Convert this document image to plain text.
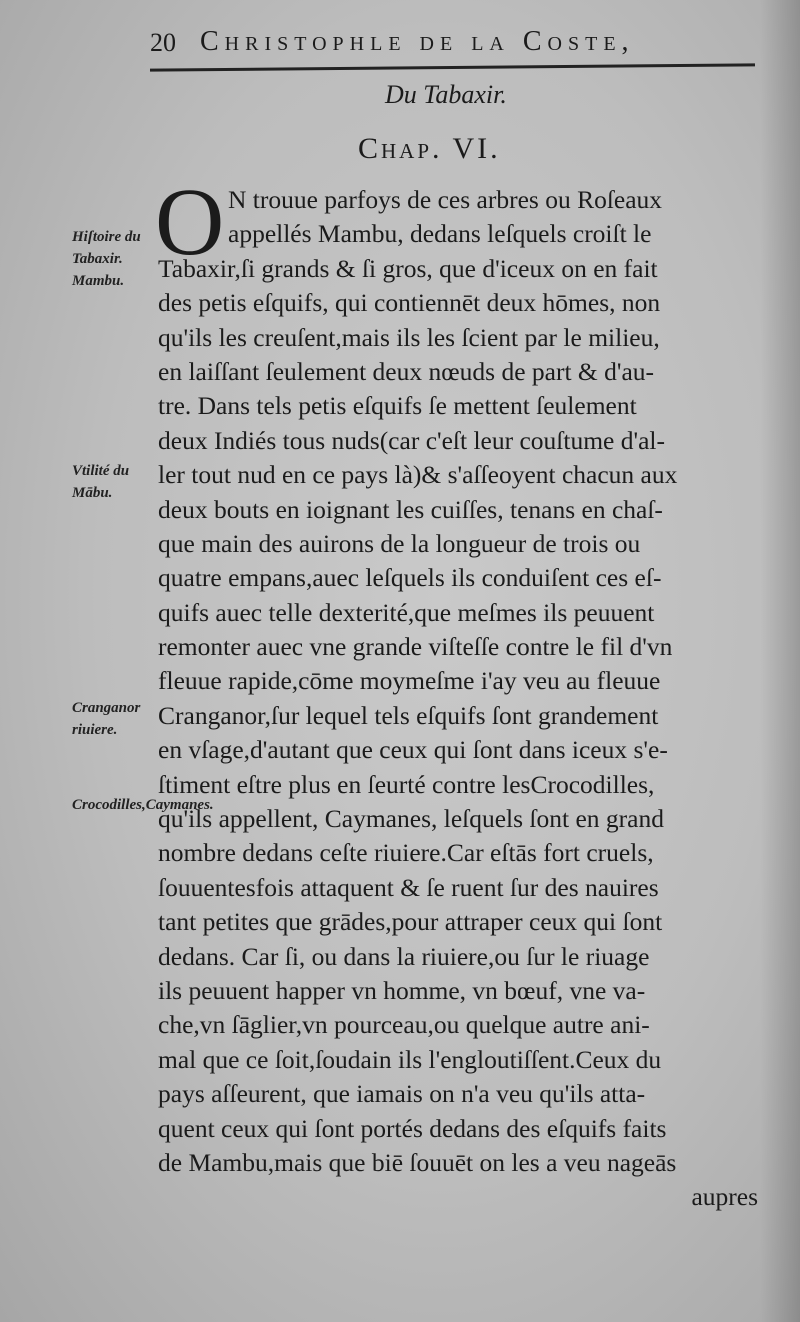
20 Christophle de la Coste,
Du Tabaxir.
Chap. VI.
O

Hiſtoire du Tabaxir.
Mambu.

Vtilité du Mābu.
Cranganor riuiere.
Crocodilles,Caymanes.
N trouue parfoys de ces arbres ou Roſeaux
appellés Mambu, dedans leſquels croiſt le
Tabaxir,ſi grands & ſi gros, que d'iceux on en fait
des petis eſquifs, qui contiennēt deux hōmes, non
qu'ils les creuſent,mais ils les ſcient par le milieu,
en laiſſant ſeulement deux nœuds de part & d'au-
tre. Dans tels petis eſquifs ſe mettent ſeulement
deux Indiés tous nuds(car c'eſt leur couſtume d'al-
ler tout nud en ce pays là)& s'aſſeoyent chacun aux
deux bouts en ioignant les cuiſſes, tenans en chaſ-
que main des auirons de la longueur de trois ou
quatre empans,auec leſquels ils conduiſent ces eſ-
quifs auec telle dexterité,que meſmes ils peuuent
remonter auec vne grande viſteſſe contre le fil d'vn
fleuue rapide,cōme moymeſme i'ay veu au fleuue
Cranganor,ſur lequel tels eſquifs ſont grandement
en vſage,d'autant que ceux qui ſont dans iceux s'e-
ſtiment eſtre plus en ſeurté contre lesCrocodilles,
qu'ils appellent, Caymanes, leſquels ſont en grand
nombre dedans ceſte riuiere.Car eſtās fort cruels,
ſouuentesfois attaquent & ſe ruent ſur des nauires
tant petites que grādes,pour attraper ceux qui ſont
dedans. Car ſi, ou dans la riuiere,ou ſur le riuage
ils peuuent happer vn homme, vn bœuf, vne va-
che,vn ſāglier,vn pourceau,ou quelque autre ani-
mal que ce ſoit,ſoudain ils l'engloutiſſent.Ceux du
pays aſſeurent, que iamais on n'a veu qu'ils atta-
quent ceux qui ſont portés dedans des eſquifs faits
de Mambu,mais que biē ſouuēt on les a veu nageās
aupres
